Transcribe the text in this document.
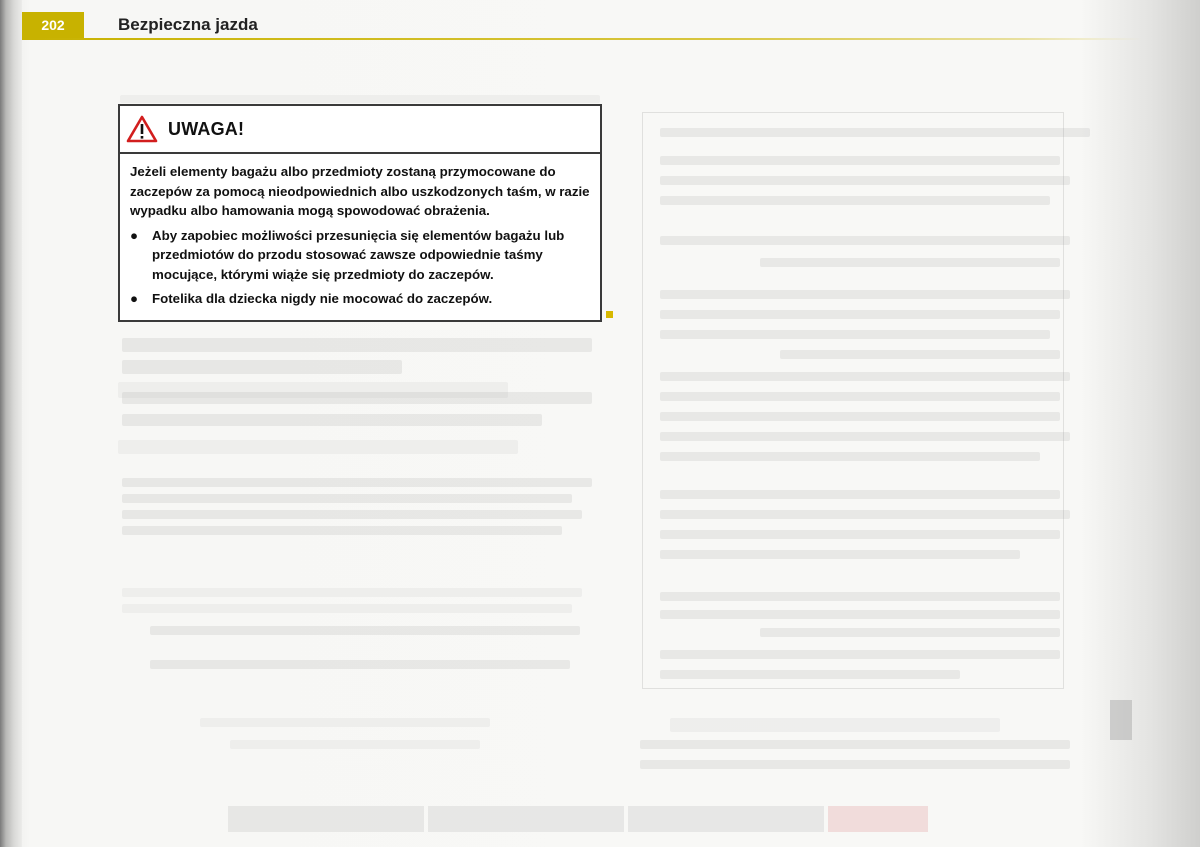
202	Bezpieczna jazda
UWAGA!

Jeżeli elementy bagażu albo przedmioty zostaną przymocowane do zaczepów za pomocą nieodpowiednich albo uszkodzonych taśm, w razie wypadku albo hamowania mogą spowodować obrażenia.

●	Aby zapobiec możliwości przesunięcia się elementów bagażu lub przedmiotów do przodu stosować zawsze odpowiednie taśmy mocujące, którymi wiąże się przedmioty do zaczepów.
●	Fotelika dla dziecka nigdy nie mocować do zaczepów.
